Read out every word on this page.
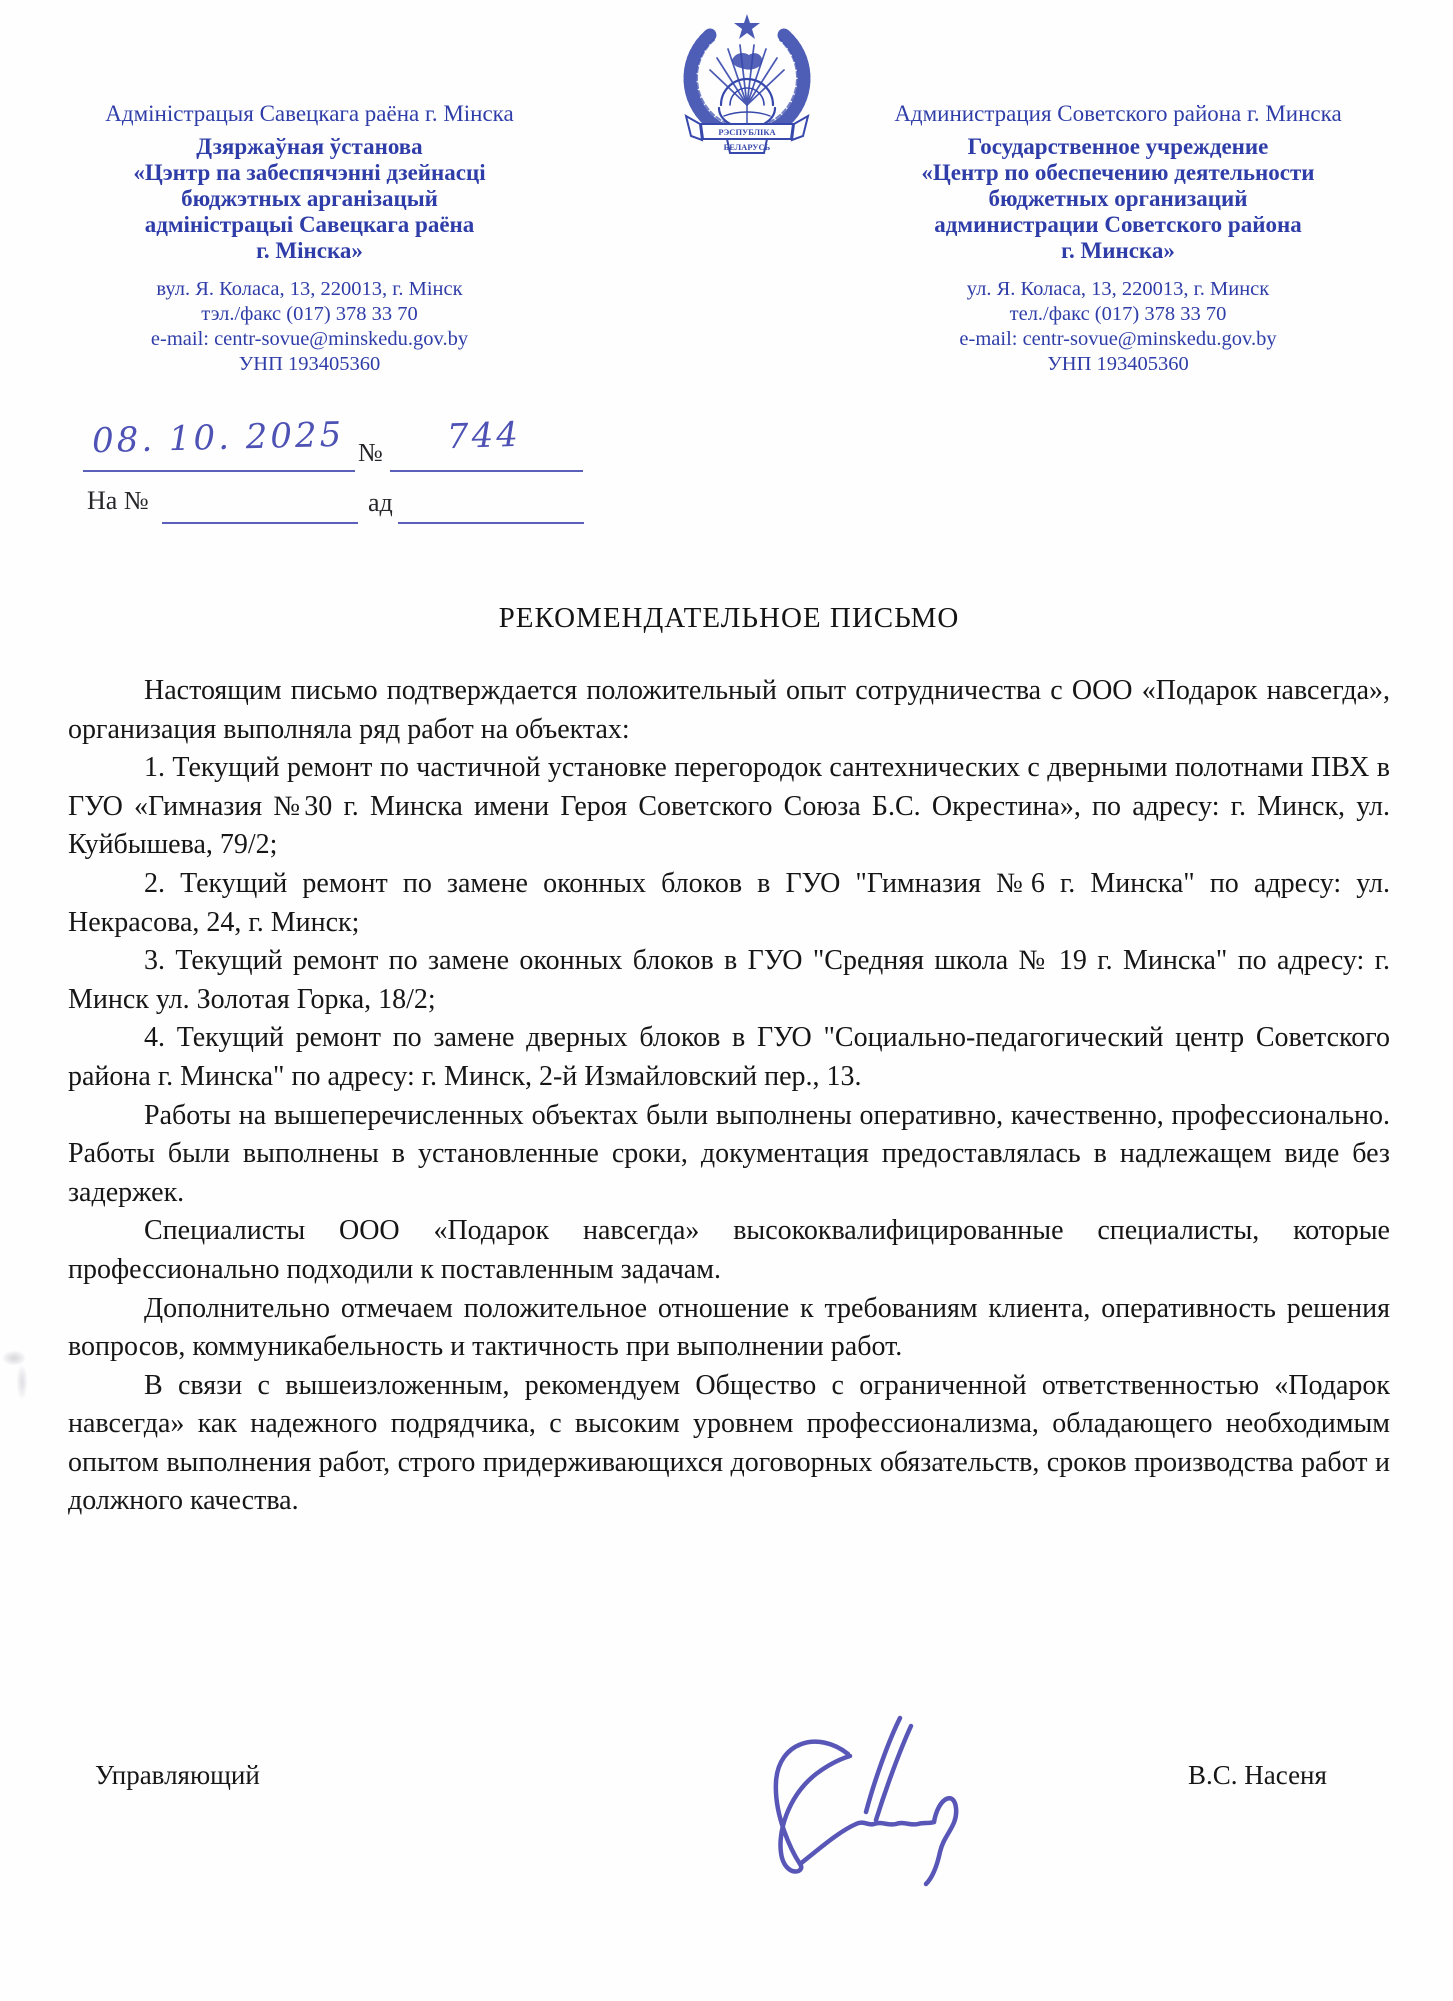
РЭСПУБЛІКА
БЕЛАРУСЬ
Адміністрацыя Савецкага раёна г. Мінска
Дзяржаўная ўстанова
«Цэнтр па забеспячэнні дзейнасці
бюджэтных арганізацый
адміністрацыі Савецкага раёна
г. Мінска»
вул. Я. Коласа, 13, 220013, г. Мінск
тэл./факс (017) 378 33 70
e-mail: centr-sovue@minskedu.gov.by
УНП 193405360
Администрация Советского района г. Минска
Государственное учреждение
«Центр по обеспечению деятельности
бюджетных организаций
администрации Советского района
г. Минска»
ул. Я. Коласа, 13, 220013, г. Минск
тел./факс (017) 378 33 70
e-mail: centr-sovue@minskedu.gov.by
УНП 193405360
08. 10. 2025 № 744
На №	ад
РЕКОМЕНДАТЕЛЬНОЕ ПИСЬМО

Настоящим письмо подтверждается положительный опыт сотрудничества с ООО «Подарок навсегда», организация выполняла ряд работ на объектах:

1. Текущий ремонт по частичной установке перегородок сантехнических с дверными полотнами ПВХ в ГУО «Гимназия №30 г. Минска имени Героя Советского Союза Б.С. Окрестина», по адресу: г. Минск, ул. Куйбышева, 79/2;

2. Текущий ремонт по замене оконных блоков в ГУО "Гимназия №6 г. Минска" по адресу: ул. Некрасова, 24, г. Минск;

3. Текущий ремонт по замене оконных блоков в ГУО "Средняя школа № 19 г. Минска" по адресу: г. Минск ул. Золотая Горка, 18/2;

4. Текущий ремонт по замене дверных блоков в ГУО "Социально-педагогический центр Советского района г. Минска" по адресу: г. Минск, 2-й Измайловский пер., 13.

Работы на вышеперечисленных объектах были выполнены оперативно, качественно, профессионально. Работы были выполнены в установленные сроки, документация предоставлялась в надлежащем виде без задержек.

Специалисты ООО «Подарок навсегда» высококвалифицированные специалисты, которые профессионально подходили к поставленным задачам.

Дополнительно отмечаем положительное отношение к требованиям клиента, оперативность решения вопросов, коммуникабельность и тактичность при выполнении работ.

В связи с вышеизложенным, рекомендуем Общество с ограниченной ответственностью «Подарок навсегда» как надежного подрядчика, с высоким уровнем профессионализма, обладающего необходимым опытом выполнения работ, строго придерживающихся договорных обязательств, сроков производства работ и должного качества.

Управляющий	В.С. Насеня
